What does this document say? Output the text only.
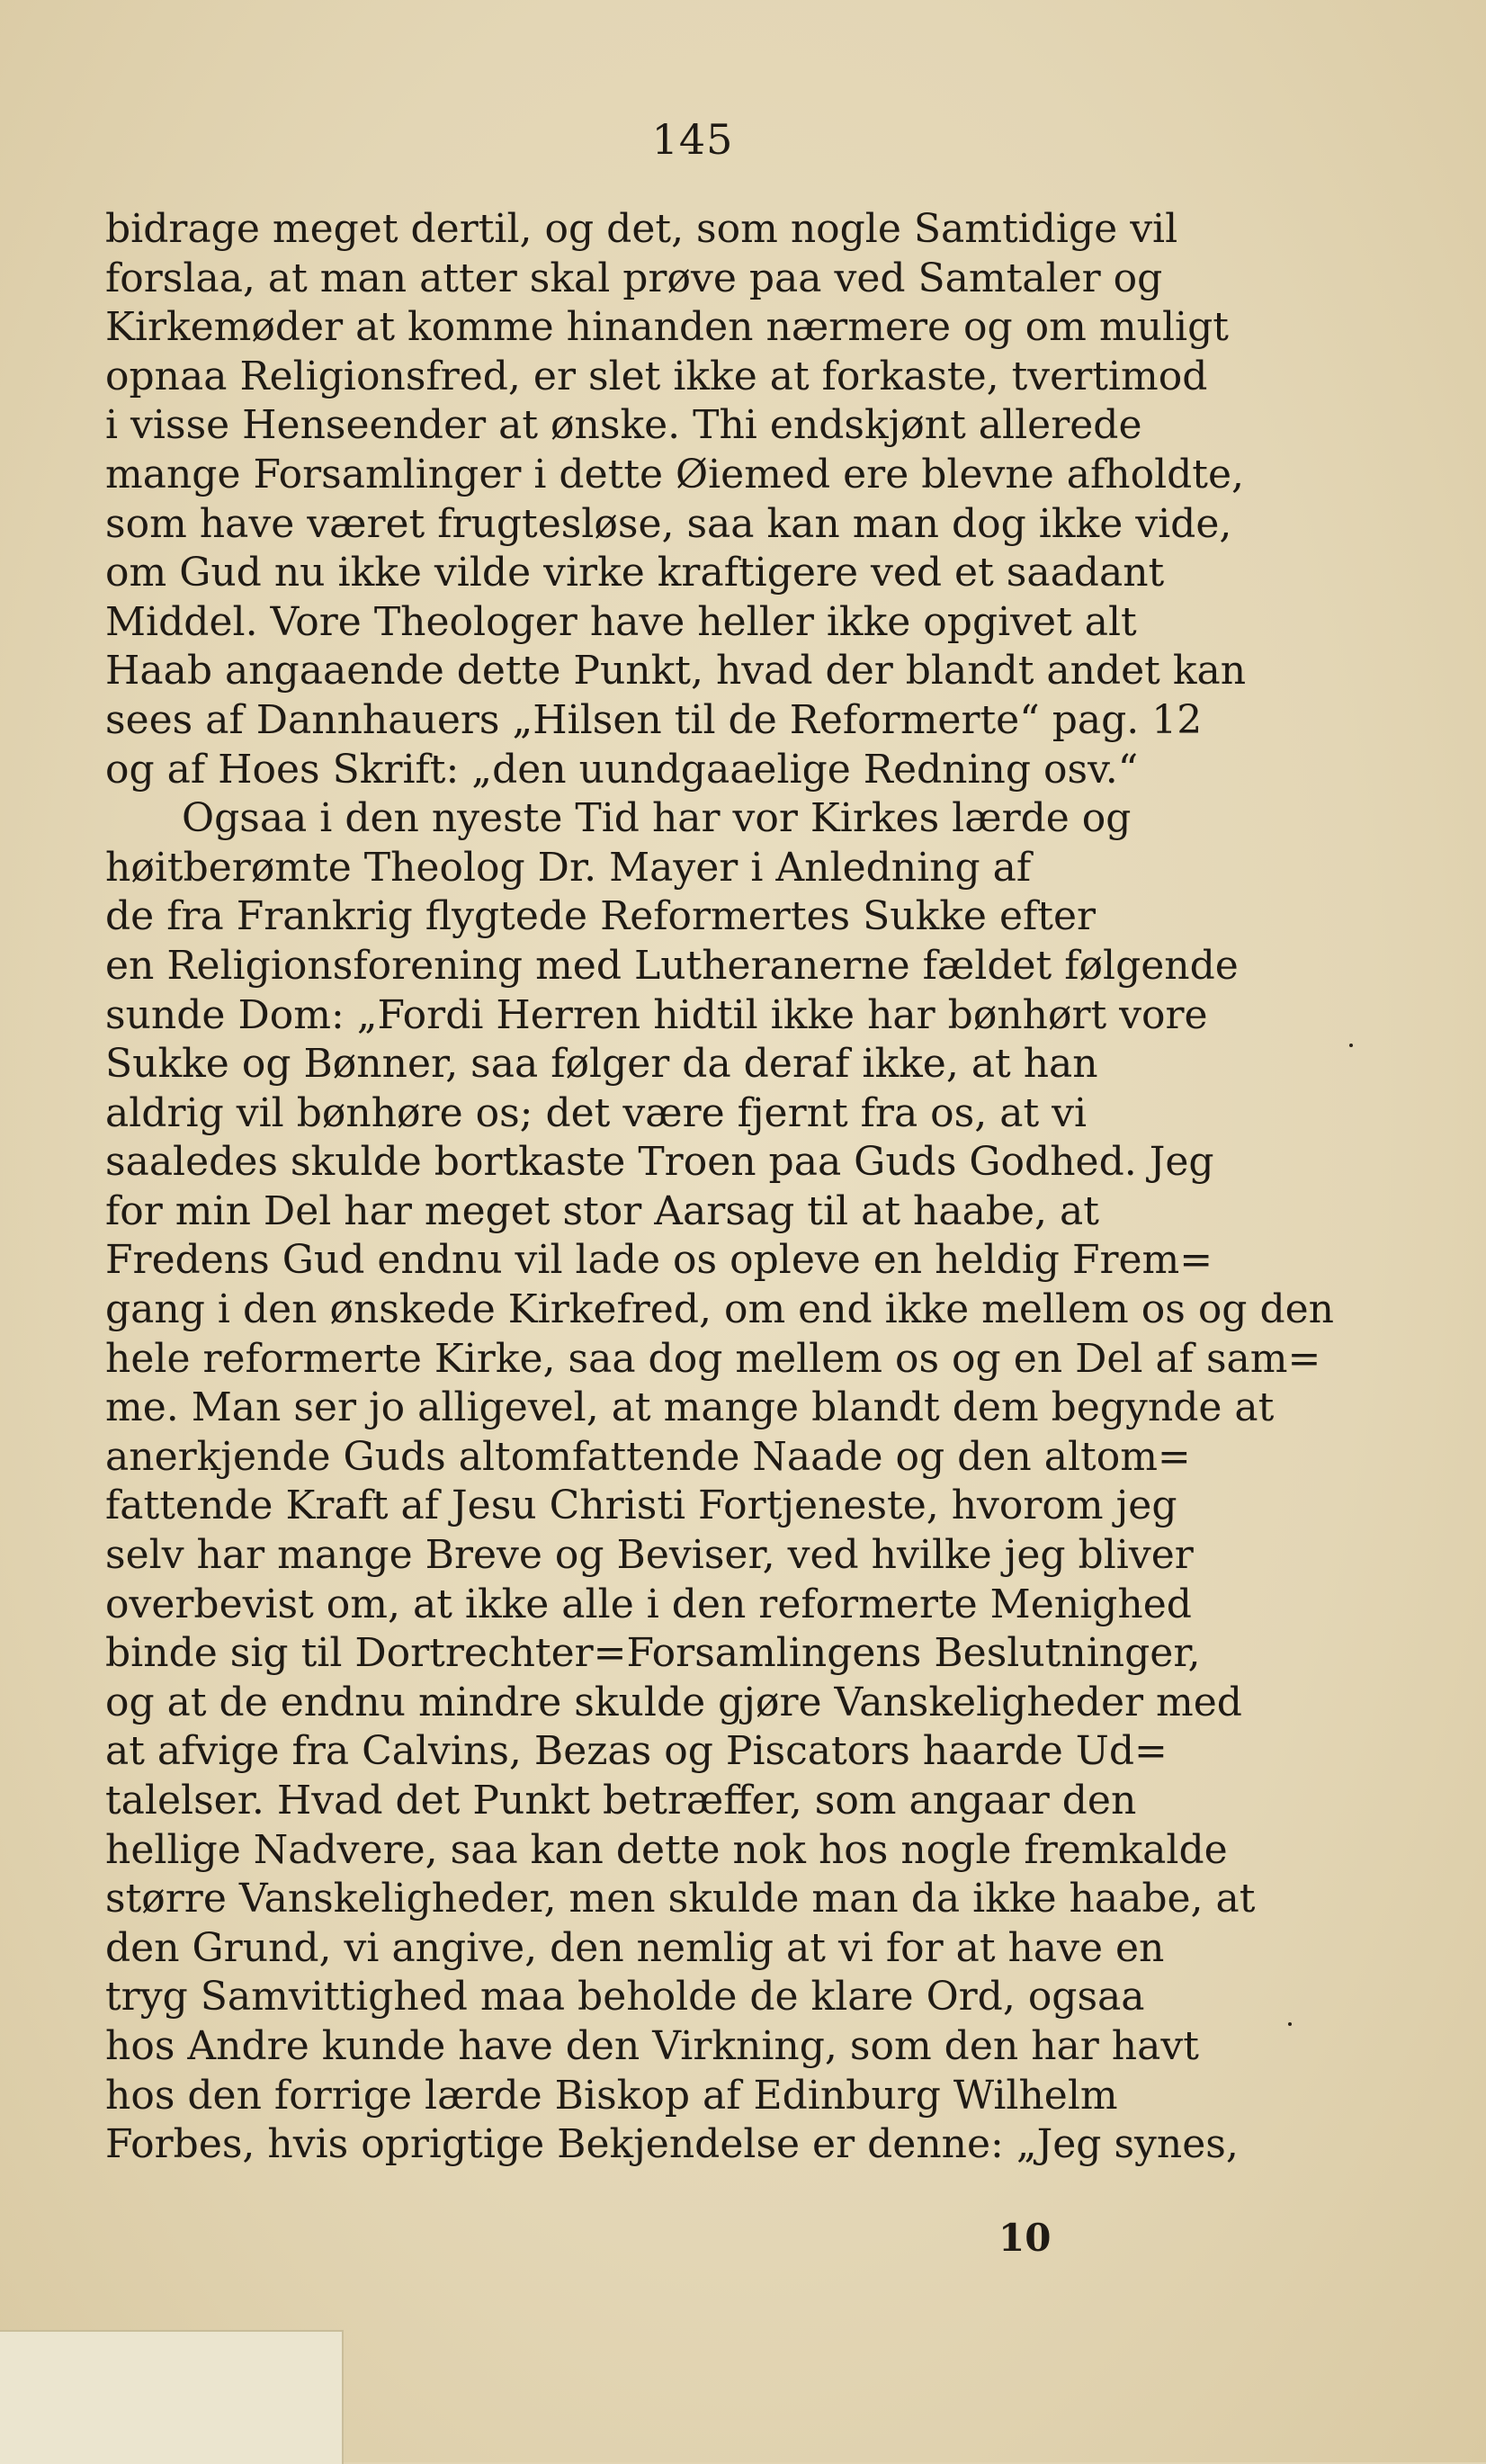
145
bidrage meget dertil, og det, som nogle Samtidige vil
forslaa, at man atter skal prøve paa ved Samtaler og
Kirkemøder at komme hinanden nærmere og om muligt
opnaa Religionsfred, er slet ikke at forkaste, tvertimod
i visse Henseender at ønske. Thi endskjønt allerede
mange Forsamlinger i dette Øiemed ere blevne afholdte,
som have været frugtesløse, saa kan man dog ikke vide,
om Gud nu ikke vilde virke kraftigere ved et saadant
Middel. Vore Theologer have heller ikke opgivet alt
Haab angaaende dette Punkt, hvad der blandt andet kan
sees af Dannhauers „Hilsen til de Reformerte“ pag. 12
og af Hoes Skrift: „den uundgaaelige Redning osv.“
Ogsaa i den nyeste Tid har vor Kirkes lærde og
høitberømte Theolog Dr. Mayer i Anledning af
de fra Frankrig flygtede Reformertes Sukke efter
en Religionsforening med Lutheranerne fældet følgende
sunde Dom: „Fordi Herren hidtil ikke har bønhørt vore
Sukke og Bønner, saa følger da deraf ikke, at han
aldrig vil bønhøre os; det være fjernt fra os, at vi
saaledes skulde bortkaste Troen paa Guds Godhed. Jeg
for min Del har meget stor Aarsag til at haabe, at
Fredens Gud endnu vil lade os opleve en heldig Frem=
gang i den ønskede Kirkefred, om end ikke mellem os og den
hele reformerte Kirke, saa dog mellem os og en Del af sam=
me. Man ser jo alligevel, at mange blandt dem begynde at
anerkjende Guds altomfattende Naade og den altom=
fattende Kraft af Jesu Christi Fortjeneste, hvorom jeg
selv har mange Breve og Beviser, ved hvilke jeg bliver
overbevist om, at ikke alle i den reformerte Menighed
binde sig til Dortrechter=Forsamlingens Beslutninger,
og at de endnu mindre skulde gjøre Vanskeligheder med
at afvige fra Calvins, Bezas og Piscators haarde Ud=
talelser. Hvad det Punkt betræffer, som angaar den
hellige Nadvere, saa kan dette nok hos nogle fremkalde
større Vanskeligheder, men skulde man da ikke haabe, at
den Grund, vi angive, den nemlig at vi for at have en
tryg Samvittighed maa beholde de klare Ord, ogsaa
hos Andre kunde have den Virkning, som den har havt
hos den forrige lærde Biskop af Edinburg Wilhelm
Forbes, hvis oprigtige Bekjendelse er denne: „Jeg synes,
10
